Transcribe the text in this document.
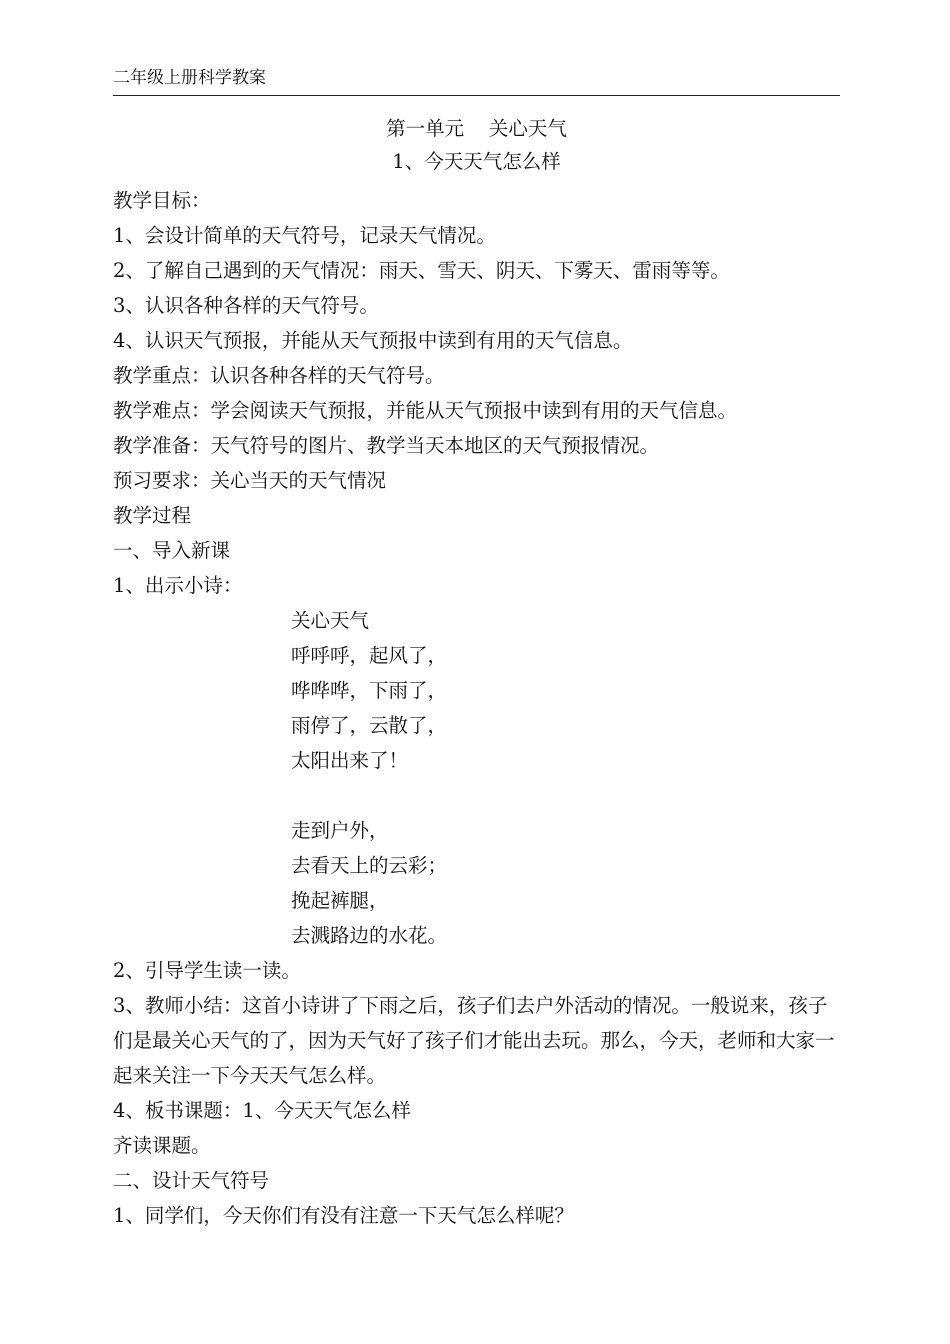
二年级上册科学教案
第一单元    关心天气
1、今天天气怎么样
教学目标：
1、会设计简单的天气符号，记录天气情况。
2、了解自己遇到的天气情况：雨天、雪天、阴天、下雾天、雷雨等等。
3、认识各种各样的天气符号。
4、认识天气预报，并能从天气预报中读到有用的天气信息。
教学重点：认识各种各样的天气符号。
教学难点：学会阅读天气预报，并能从天气预报中读到有用的天气信息。
教学准备：天气符号的图片、教学当天本地区的天气预报情况。
预习要求：关心当天的天气情况
教学过程
一、导入新课
1、出示小诗：
关心天气
呼呼呼，起风了，
哗哗哗，下雨了，
雨停了，云散了，
太阳出来了！
走到户外，
去看天上的云彩；
挽起裤腿，
去溅路边的水花。
2、引导学生读一读。
3、教师小结：这首小诗讲了下雨之后，孩子们去户外活动的情况。一般说来，孩子们是最关心天气的了，因为天气好了孩子们才能出去玩。那么，今天，老师和大家一起来关注一下今天天气怎么样。
4、板书课题：1、今天天气怎么样
齐读课题。
二、设计天气符号
1、同学们，今天你们有没有注意一下天气怎么样呢？
